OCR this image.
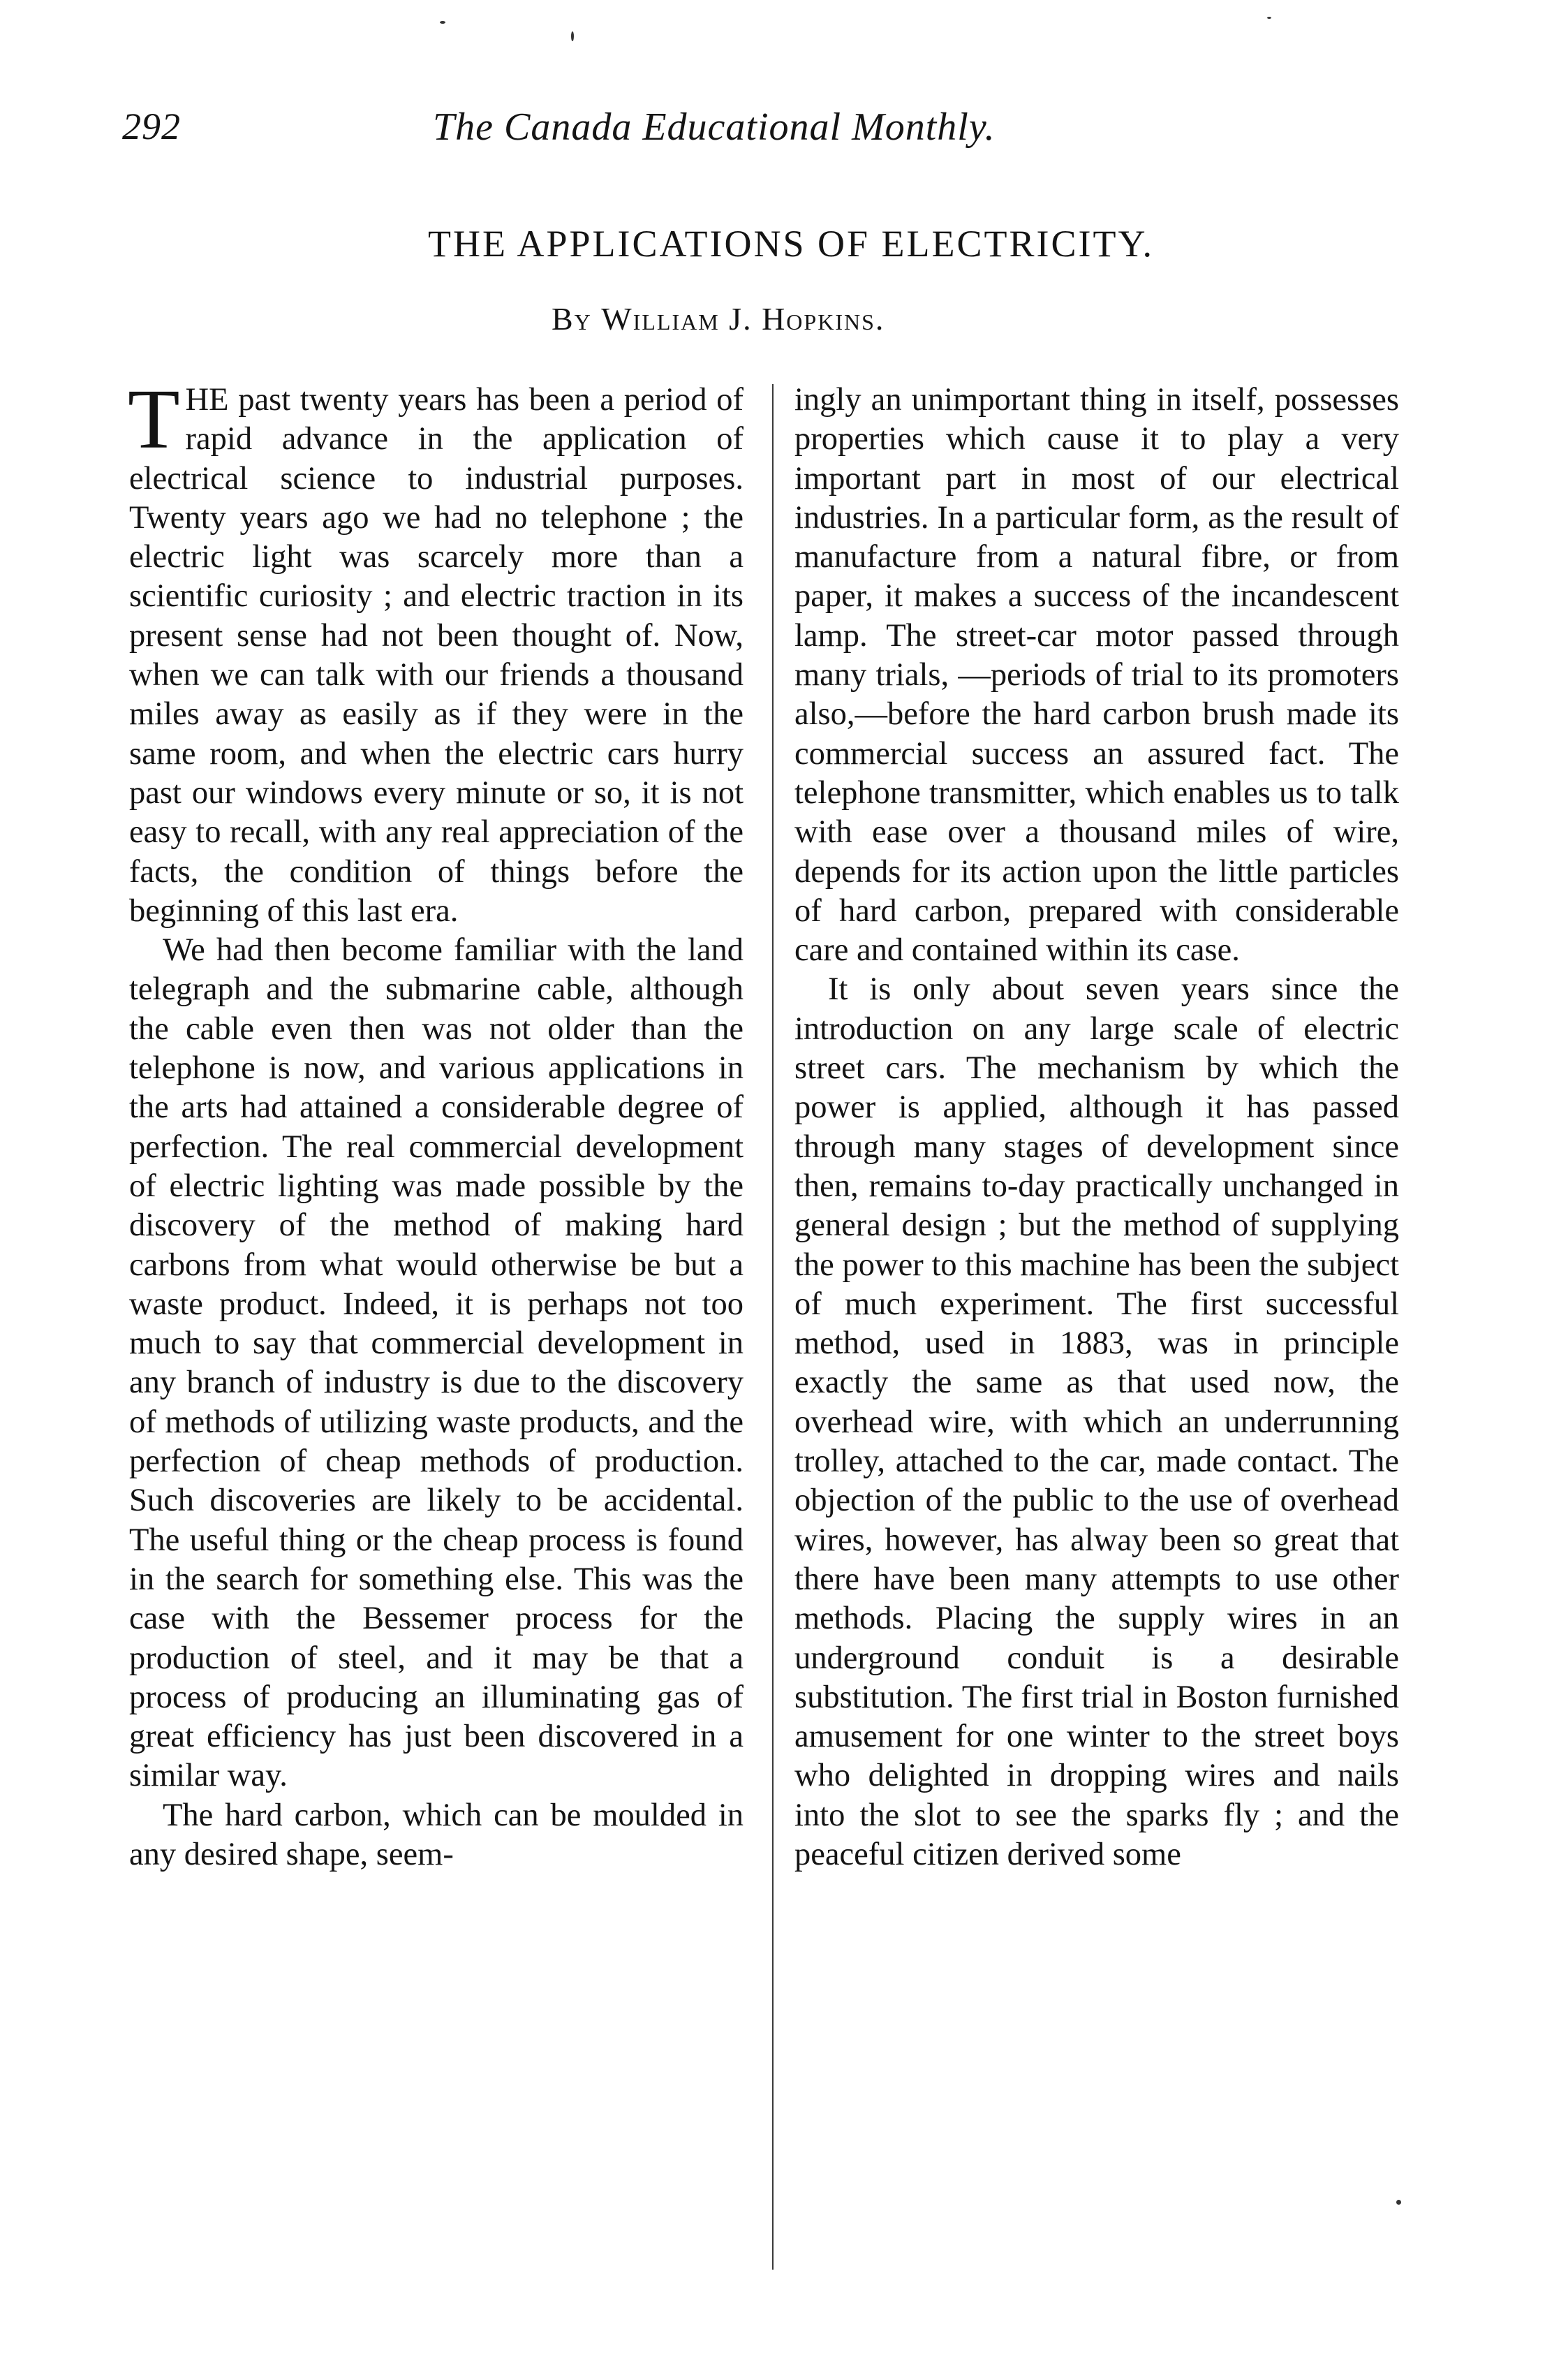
292	The Canada Educational Monthly.
THE APPLICATIONS OF ELECTRICITY.
By William J. Hopkins.

THE past twenty years has been a period of rapid advance in the application of electrical science to industrial purposes. Twenty years ago we had no telephone ; the electric light was scarcely more than a scientific curiosity ; and electric traction in its present sense had not been thought of. Now, when we can talk with our friends a thousand miles away as easily as if they were in the same room, and when the electric cars hurry past our windows every minute or so, it is not easy to recall, with any real appreciation of the facts, the condition of things before the beginning of this last era.

We had then become familiar with the land telegraph and the submarine cable, although the cable even then was not older than the telephone is now, and various applications in the arts had attained a considerable degree of perfection. The real commercial development of electric lighting was made possible by the discovery of the method of making hard carbons from what would otherwise be but a waste product. Indeed, it is perhaps not too much to say that commercial development in any branch of industry is due to the discovery of methods of utilizing waste products, and the perfection of cheap methods of production. Such discoveries are likely to be accidental. The useful thing or the cheap process is found in the search for something else. This was the case with the Bessemer process for the production of steel, and it may be that a process of producing an illuminating gas of great efficiency has just been discovered in a similar way.

The hard carbon, which can be moulded in any desired shape, seem-

ingly an unimportant thing in itself, possesses properties which cause it to play a very important part in most of our electrical industries. In a particular form, as the result of manufacture from a natural fibre, or from paper, it makes a success of the incandescent lamp. The street-car motor passed through many trials, —periods of trial to its promoters also,—before the hard carbon brush made its commercial success an assured fact. The telephone transmitter, which enables us to talk with ease over a thousand miles of wire, depends for its action upon the little particles of hard carbon, prepared with considerable care and contained within its case.

It is only about seven years since the introduction on any large scale of electric street cars. The mechanism by which the power is applied, although it has passed through many stages of development since then, remains to-day practically unchanged in general design ; but the method of supplying the power to this machine has been the subject of much experiment. The first successful method, used in 1883, was in principle exactly the same as that used now, the overhead wire, with which an underrunning trolley, attached to the car, made contact. The objection of the public to the use of overhead wires, however, has alway been so great that there have been many attempts to use other methods. Placing the supply wires in an underground conduit is a desirable substitution. The first trial in Boston furnished amusement for one winter to the street boys who delighted in dropping wires and nails into the slot to see the sparks fly ; and the peaceful citizen derived some
